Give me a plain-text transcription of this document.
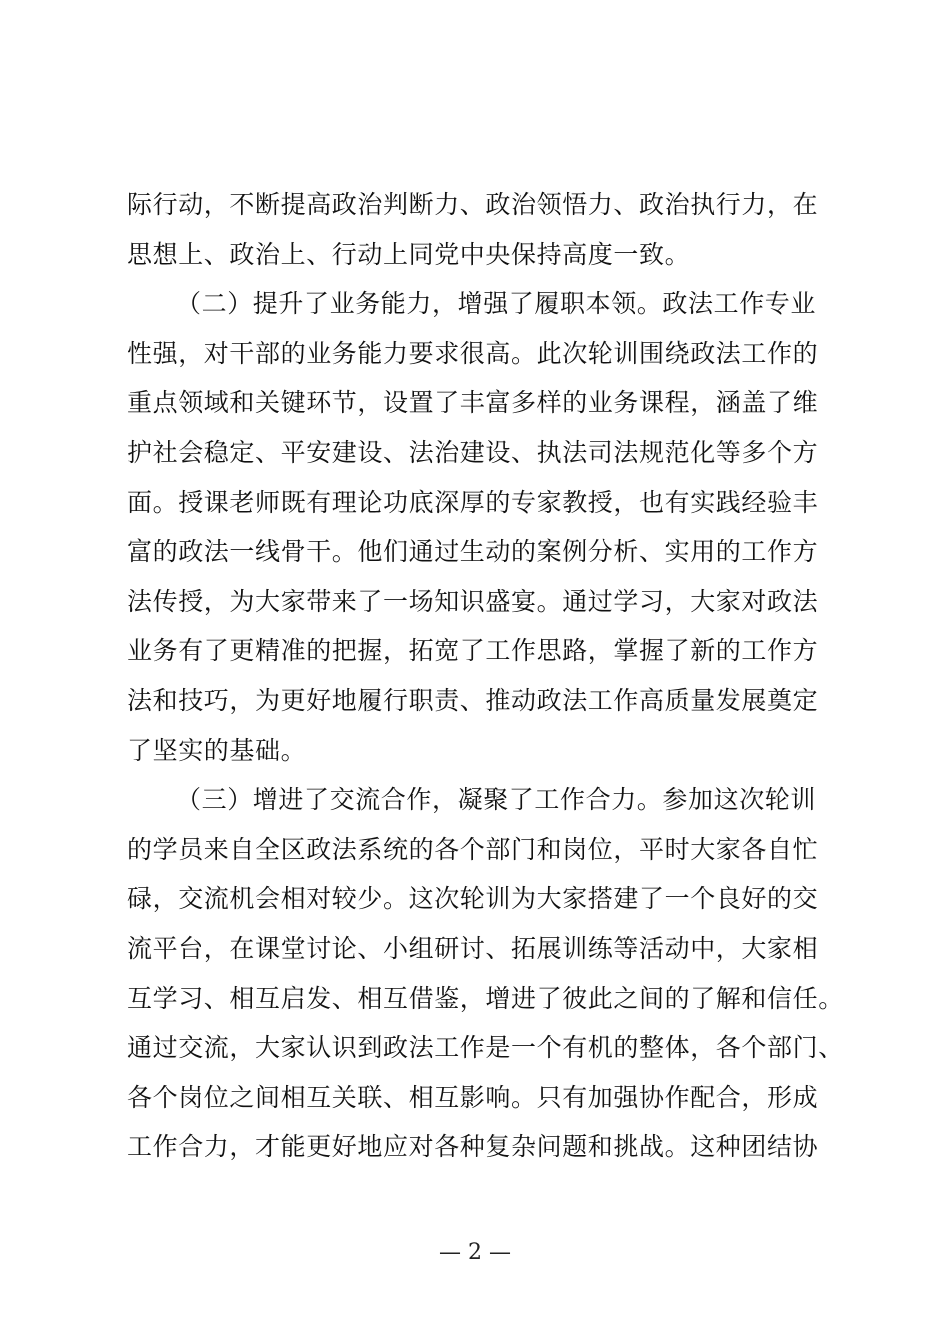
际行动，不断提高政治判断力、政治领悟力、政治执行力，在
思想上、政治上、行动上同党中央保持高度一致。
（二）提升了业务能力，增强了履职本领。政法工作专业
性强，对干部的业务能力要求很高。此次轮训围绕政法工作的
重点领域和关键环节，设置了丰富多样的业务课程，涵盖了维
护社会稳定、平安建设、法治建设、执法司法规范化等多个方
面。授课老师既有理论功底深厚的专家教授，也有实践经验丰
富的政法一线骨干。他们通过生动的案例分析、实用的工作方
法传授，为大家带来了一场知识盛宴。通过学习，大家对政法
业务有了更精准的把握，拓宽了工作思路，掌握了新的工作方
法和技巧，为更好地履行职责、推动政法工作高质量发展奠定
了坚实的基础。
（三）增进了交流合作，凝聚了工作合力。参加这次轮训
的学员来自全区政法系统的各个部门和岗位，平时大家各自忙
碌，交流机会相对较少。这次轮训为大家搭建了一个良好的交
流平台，在课堂讨论、小组研讨、拓展训练等活动中，大家相
互学习、相互启发、相互借鉴，增进了彼此之间的了解和信任。
通过交流，大家认识到政法工作是一个有机的整体，各个部门、
各个岗位之间相互关联、相互影响。只有加强协作配合，形成
工作合力，才能更好地应对各种复杂问题和挑战。这种团结协
— 2 —
